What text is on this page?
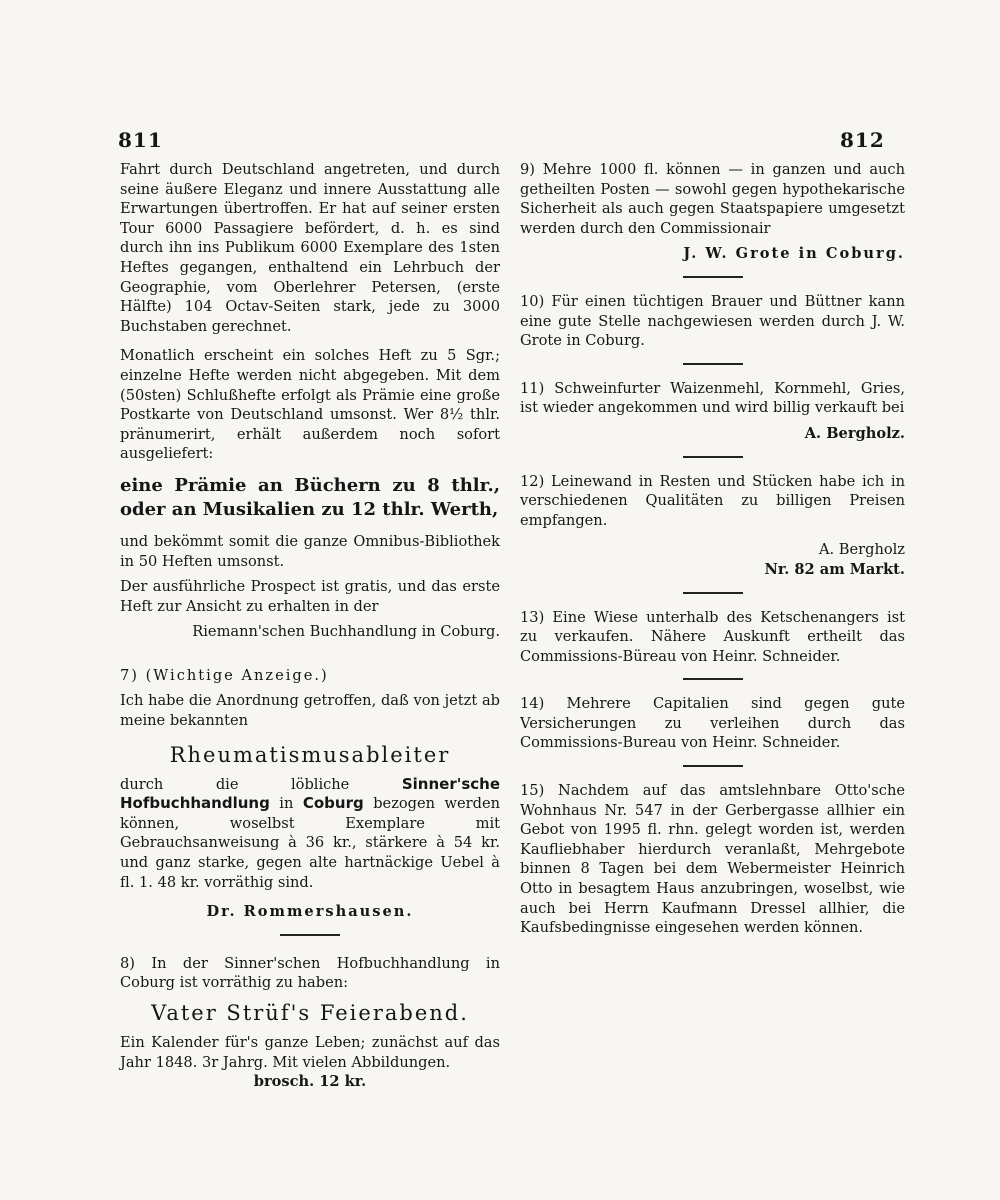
811	812

Fahrt durch Deutschland angetreten, und durch seine äußere Eleganz und innere Ausstattung alle Erwartungen übertroffen. Er hat auf seiner ersten Tour 6000 Passagiere befördert, d. h. es sind durch ihn ins Publikum 6000 Exemplare des 1sten Heftes gegangen, enthaltend ein Lehrbuch der Geographie, vom Oberlehrer Petersen, (erste Hälfte) 104 Octav-Seiten stark, jede zu 3000 Buchstaben gerechnet.

Monatlich erscheint ein solches Heft zu 5 Sgr.; einzelne Hefte werden nicht abgegeben. Mit dem (50sten) Schlußhefte erfolgt als Prämie eine große Postkarte von Deutschland umsonst. Wer 8½ thlr. pränumerirt, erhält außerdem noch sofort ausgeliefert:

eine Prämie an Büchern zu 8 thlr., oder an Musikalien zu 12 thlr. Werth,

und bekömmt somit die ganze Omnibus-Bibliothek in 50 Heften umsonst.

Der ausführliche Prospect ist gratis, und das erste Heft zur Ansicht zu erhalten in der

Riemann'schen Buchhandlung in Coburg.

7) (Wichtige Anzeige.)

Ich habe die Anordnung getroffen, daß von jetzt ab meine bekannten

Rheumatismusableiter

durch die löbliche Sinner'sche Hofbuchhandlung in Coburg bezogen werden können, woselbst Exemplare mit Gebrauchsanweisung à 36 kr., stärkere à 54 kr. und ganz starke, gegen alte hartnäckige Uebel à fl. 1. 48 kr. vorräthig sind.

Dr. Rommershausen.

8) In der Sinner'schen Hofbuchhandlung in Coburg ist vorräthig zu haben:

Vater Strüf's Feierabend.

Ein Kalender für's ganze Leben; zunächst auf das Jahr 1848. 3r Jahrg. Mit vielen Abbildungen.

brosch. 12 kr.

9) Mehre 1000 fl. können — in ganzen und auch getheilten Posten — sowohl gegen hypothekarische Sicherheit als auch gegen Staatspapiere umgesetzt werden durch den Commissionair

J. W. Grote in Coburg.

10) Für einen tüchtigen Brauer und Büttner kann eine gute Stelle nachgewiesen werden durch J. W. Grote in Coburg.

11) Schweinfurter Waizenmehl, Kornmehl, Gries, ist wieder angekommen und wird billig verkauft bei

A. Bergholz.

12) Leinewand in Resten und Stücken habe ich in verschiedenen Qualitäten zu billigen Preisen empfangen.

A. Bergholz

Nr. 82 am Markt.

13) Eine Wiese unterhalb des Ketschenangers ist zu verkaufen. Nähere Auskunft ertheilt das Commissions-Büreau von Heinr. Schneider.

14) Mehrere Capitalien sind gegen gute Versicherungen zu verleihen durch das Commissions-Bureau von Heinr. Schneider.

15) Nachdem auf das amtslehnbare Otto'sche Wohnhaus Nr. 547 in der Gerbergasse allhier ein Gebot von 1995 fl. rhn. gelegt worden ist, werden Kaufliebhaber hierdurch veranlaßt, Mehrgebote binnen 8 Tagen bei dem Webermeister Heinrich Otto in besagtem Haus anzubringen, woselbst, wie auch bei Herrn Kaufmann Dressel allhier, die Kaufsbedingnisse eingesehen werden können.
